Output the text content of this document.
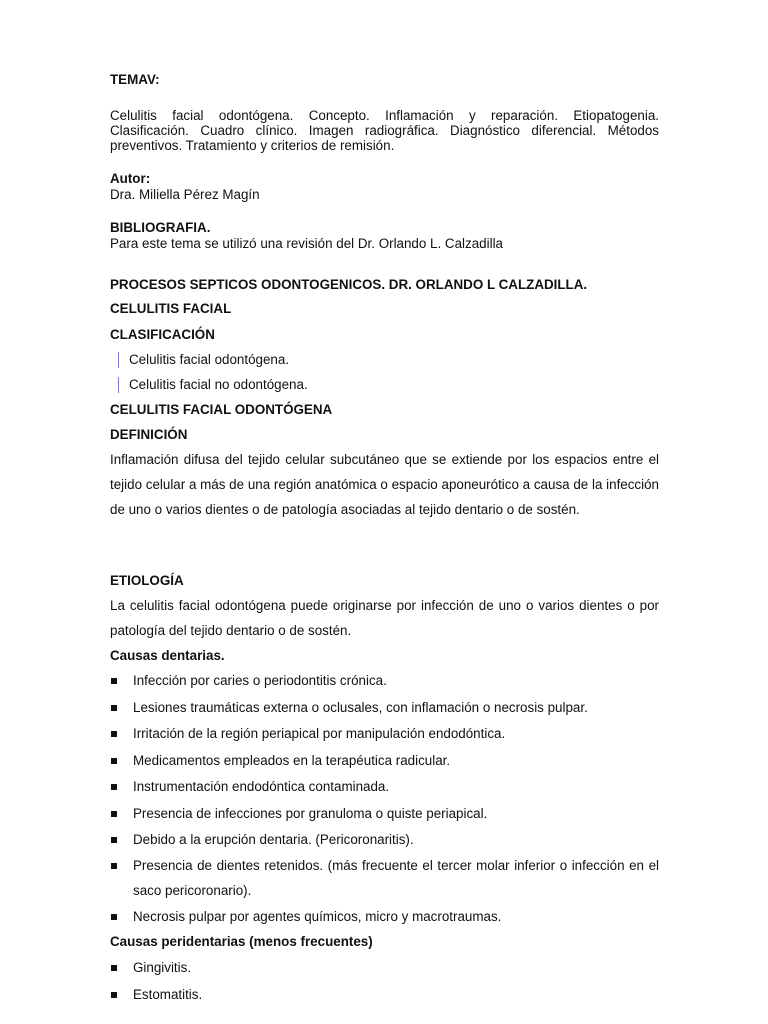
TEMAV:
Celulitis facial odontógena. Concepto. Inflamación y reparación. Etiopatogenia. Clasificación. Cuadro clínico. Imagen radiográfica. Diagnóstico diferencial. Métodos preventivos. Tratamiento y criterios de remisión.
Autor:
Dra. Miliella Pérez Magín
BIBLIOGRAFIA.
Para este tema se utilizó una revisión del Dr. Orlando L. Calzadilla
PROCESOS SEPTICOS ODONTOGENICOS. DR. ORLANDO L CALZADILLA.
CELULITIS FACIAL
CLASIFICACIÓN
│ Celulitis facial odontógena.
│ Celulitis facial no odontógena.
CELULITIS FACIAL ODONTÓGENA
DEFINICIÓN
Inflamación difusa del tejido celular subcutáneo que se extiende por los espacios entre el tejido celular a más de una región anatómica o espacio aponeurótico a causa de la infección de uno o varios dientes o de patología asociadas al tejido dentario o de sostén.
ETIOLOGÍA
La celulitis facial odontógena puede originarse por infección de uno o varios dientes o por patología del tejido dentario o de sostén.
Causas dentarias.
Infección por caries o periodontitis crónica.
Lesiones traumáticas externa o oclusales, con inflamación o necrosis pulpar.
Irritación de la región periapical por manipulación endodóntica.
Medicamentos empleados en la terapéutica radicular.
Instrumentación endodóntica contaminada.
Presencia de infecciones por granuloma o quiste periapical.
Debido a la erupción dentaria. (Pericoronaritis).
Presencia de dientes retenidos. (más frecuente el tercer molar inferior o infección en el saco pericoronario).
Necrosis pulpar por agentes químicos, micro y macrotraumas.
Causas peridentarias (menos frecuentes)
Gingivitis.
Estomatitis.
